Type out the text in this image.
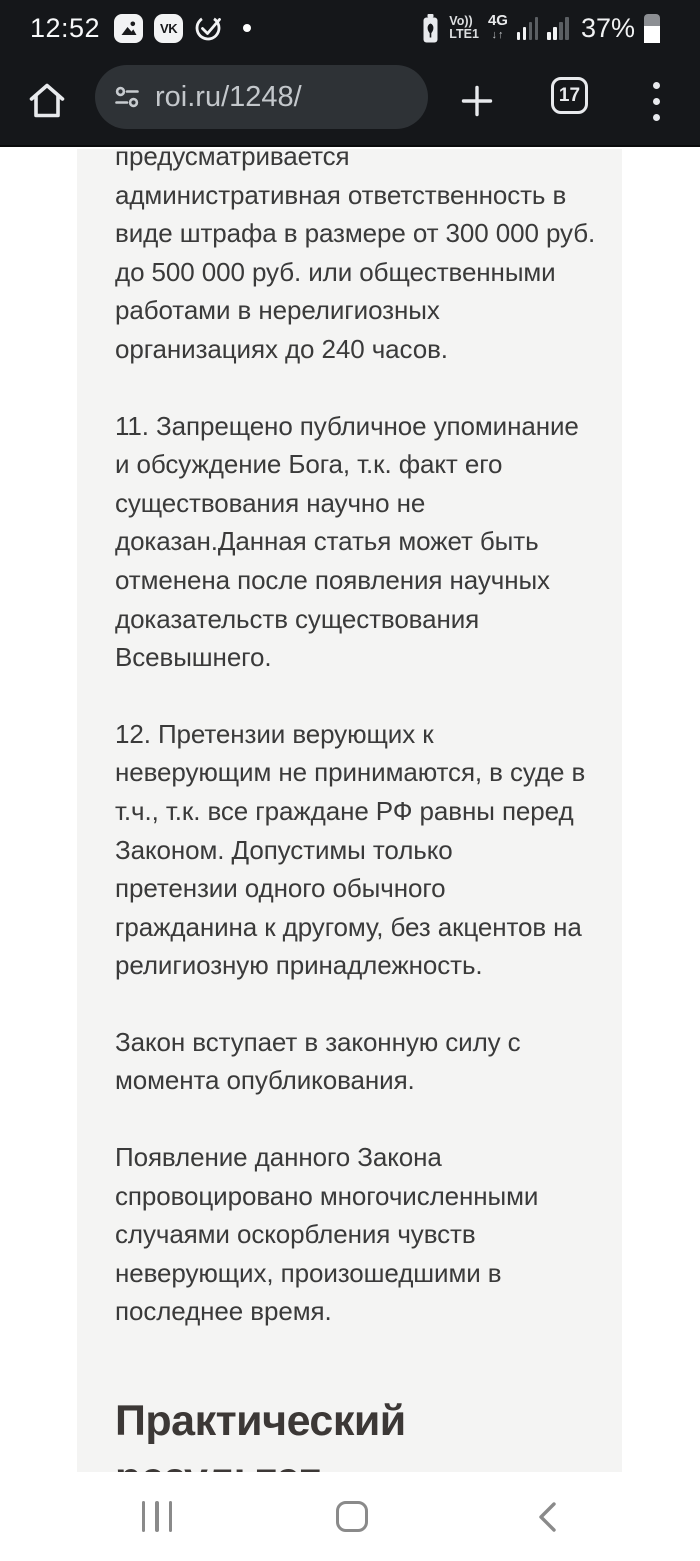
12:52	VK	Vo))
LTE1
4G
↓↑	37%
roi.ru/1248/	17
предусматривается
административная ответственность в
виде штрафа в размере от 300 000 руб.
до 500 000 руб. или общественными
работами в нерелигиозных
организациях до 240 часов.
11. Запрещено публичное упоминание
и обсуждение Бога, т.к. факт его
существования научно не
доказан.Данная статья может быть
отменена после появления научных
доказательств существования
Всевышнего.
12. Претензии верующих к
неверующим не принимаются, в суде в
т.ч., т.к. все граждане РФ равны перед
Законом. Допустимы только
претензии одного обычного
гражданина к другому, без акцентов на
религиозную принадлежность.
Закон вступает в законную силу с
момента опубликования.
Появление данного Закона
спровоцировано многочисленными
случаями оскорбления чувств
неверующих, произошедшими в
последнее время.
Практический
